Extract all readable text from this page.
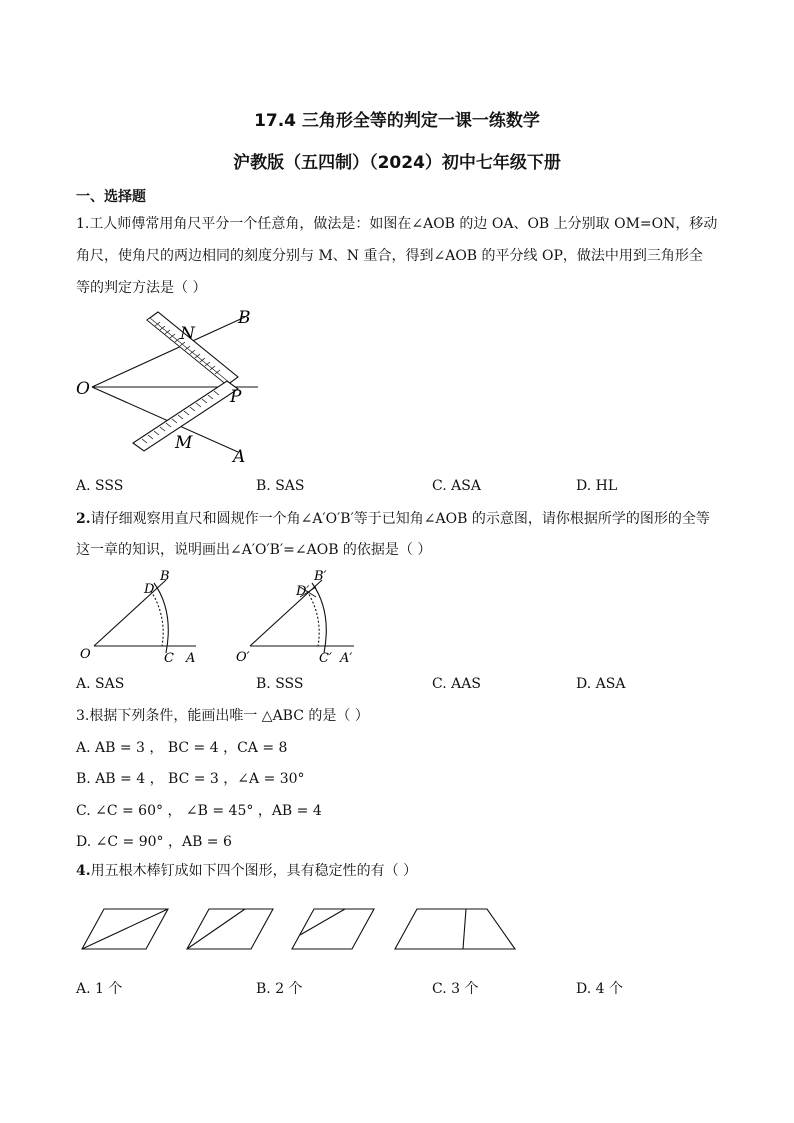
17.4 三角形全等的判定一课一练数学
沪教版（五四制）（2024）初中七年级下册
一、选择题
1.工人师傅常用角尺平分一个任意角，做法是：如图在∠AOB 的边 OA、OB 上分别取 OM=ON，移动
角尺，使角尺的两边相同的刻度分别与 M、N 重合，得到∠AOB 的平分线 OP，做法中用到三角形全
等的判定方法是（ ）
O	P
N
M
B
A
A. SSS	B. SAS	C. ASA	D. HL
2.请仔细观察用直尺和圆规作一个角∠A′O′B′等于已知角∠AOB 的示意图，请你根据所学的图形的全等
这一章的知识，说明画出∠A′O′B′=∠AOB 的依据是（ ）
O	C A
D
B
O′	C′ A′
D′
B′
A. SAS	B. SSS	C. AAS	D. ASA
3.根据下列条件，能画出唯一 △ABC 的是（ ）
A. AB = 3 ， BC = 4 ，CA = 8
B. AB = 4 ， BC = 3 ，∠A = 30°
C. ∠C = 60° ， ∠B = 45° ，AB = 4
D. ∠C = 90° ，AB = 6
4.用五根木棒钉成如下四个图形，具有稳定性的有（ ）
A. 1 个	B. 2 个	C. 3 个	D. 4 个
